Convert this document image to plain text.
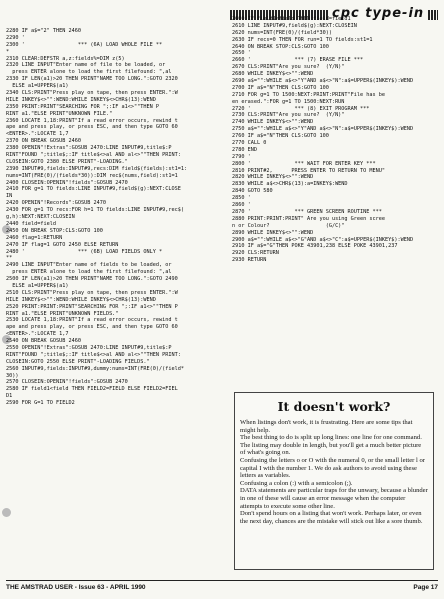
cpc type-in
2280 IF a$="2" THEN 2460
2290 '
2300 '                 *** (6A) LOAD WHOLE FILE **
*
2310 CLEAR:DEFSTR a,z:fields%=DIM z(5)
2320 LINE INPUT"Enter name of file to be loaded, or
press ENTER alone to load the first filefound: ",al
2330 IF LEN(a1)>20 THEN PRINT"NAME TOO LONG.":GOTO 2320
ELSE a1=UPPER$(a1)
2340 CLS:PRINT"Press play on tape, then press ENTER.":W
HILE INKEY$<>"":WEND:WHILE INKEY$<>CHR$(13):WEND
2350 PRINT:PRINT"SEARCHING FOR ";:IF a1<>""THEN P
RINT a1."ELSE PRINT"UNKNOWN FILE."
2360 LOCATE 1,18:PRINT"If a read error occurs, rewind t
ape and press play, or press ESC, and then type GOTO 60
<ENTER>.":LOCATE 1,7
2370 ON BREAK GOSUB 2460
2380 OPENIN"!Extras":GOSUB 2470:LINE INPUT#9,title$:P
RINT"FOUND ";title$;:IF title$<>al AND al<>""THEN PRINT:
CLOSEIN:GOTO 2380 ELSE PRINT"-LOADING."
2390 INPUT#9,fields:INPUT#9,recs:DIM field$(fields):st1=1:
nums=INT(FRE(0)/(fields*30)):DIM rec$(nums,field):st1=1
2400 CLOSEIN:OPENIN"!fields":GOSUB 2470
2410 FOR g=1 TO fields:LINE INPUT#9,field$(g):NEXT:CLOSE
IN
2420 OPENIN"!Records":GOSUB 2470
2430 FOR g=1 TO recs:FOR h=1 TO fields:LINE INPUT#9,rec$(
g,h):NEXT:NEXT:CLOSEIN
2440 field=field
2450 ON BREAK STOP:CLS:GOTO 100
2460 flag=1:RETURN
2470 IF flag=1 GOTO 2450 ELSE RETURN
2480 '                 *** (6B) LOAD FIELDS ONLY *
**
2490 LINE INPUT"Enter name of fields to be loaded, or
press ENTER alone to load the first filefound: ",al
2500 IF LEN(a1)>20 THEN PRINT"NAME TOO LONG.":GOTO 2490
ELSE a1=UPPER$(a1)
2510 CLS:PRINT"Press play on tape, then press ENTER.":W
HILE INKEY$<>"":WEND:WHILE INKEY$<>CHR$(13):WEND
2520 PRINT:PRINT:PRINT"SEARCHING FOR ";:IF a1<>""THEN P
RINT a1."ELSE PRINT"UNKNOWN FIELDS."
2530 LOCATE 1,18:PRINT"If a read error occurs, rewind t
ape and press play, or press ESC, and then type GOTO 60
<ENTER>.":LOCATE 1,7
2540 ON BREAK GOSUB 2460
2550 OPENIN"!Extras":GOSUB 2470:LINE INPUT#9,title$:P
RINT"FOUND ";title$;:IF title$<>al AND al<>""THEN PRINT:
CLOSEIN:GOTO 2550 ELSE PRINT"-LOADING FIELDS."
2560 INPUT#9,fields:INPUT#9,dummy:nums=INT(FRE(0)/(field*
30))
2570 CLOSEIN:OPENIN"!fields":GOSUB 2470
2580 IF field1<field THEN FIELD2=FIELD ELSE FIELD2=FIEL
D1
2590 FOR G=1 TO FIELD2
2600 IF field1<field THEN field=field1
2610 LINE INPUT#9,field$(g):NEXT:CLOSEIN
2620 nums=INT(FRE(0)/(field*30))
2630 IF recs=0 THEN FOR run=1 TO fields:st1=1
2640 ON BREAK STOP:CLS:GOTO 100
2650 '
2660 '              *** (7) ERASE FILE ***
2670 CLS:PRINT"Are you sure?  (Y/N)"
2680 WHILE INKEY$<>"":WEND
2690 a$="":WHILE a$<>"Y"AND a$<>"N":a$=UPPER$(INKEY$):WEND
2700 IF a$="N"THEN CLS:GOTO 100
2710 FOR g=1 TO 1500:NEXT:PRINT:PRINT"File has be
en erased.":FOR g=1 TO 1500:NEXT:RUN
2720 '              *** (8) EXIT PROGRAM ***
2730 CLS:PRINT"Are you sure?  (Y/N)"
2740 WHILE INKEY$<>"":WEND
2750 a$="":WHILE a$<>"Y"AND a$<>"N":a$=UPPER$(INKEY$):WEND
2760 IF a$="N"THEN CLS:GOTO 100
2770 CALL 0
2780 END
2790 '
2800 '              *** WAIT FOR ENTER KEY ***
2810 PRINT#2,      PRESS ENTER TO RETURN TO MENU"
2820 WHILE INKEY$<>"":WEND
2830 WHILE a$<>CHR$(13):a=INKEY$:WEND
2840 GOTO 580
2850 '
2860 '
2870 '              *** GREEN SCREEN ROUTINE ***
2880 PRINT:PRINT:PRINT" Are you using Green scree
n or Colour?                  (G/C)"
2890 WHILE INKEY$<>"":WEND
2900 a$="":WHILE a$<>"G"AND a$<>"C":a$=UPPER$(INKEY$):WEND
2910 IF a$="G"THEN POKE 43901,238 ELSE POKE 43901,237
2920 CLS:RETURN
2930 RETURN
It doesn't work?

When listings don't work, it is frustrating. Here are some tips that might help.

The best thing to do is split up long lines: one line for one command. The listing may double in length, but you'll get a much better picture of what's going on.

Confusing the letters o or O with the numeral 0, or the small letter l or capital I with the number 1. We do ask authors to avoid using these letters as variables.

Confusing a colon (:) with a semicolon (;).

DATA statements are particular traps for the unwary, because a blunder in one of these will cause an error message when the computer attempts to execute some other line.

Don't spend hours on a listing that won't work. Perhaps later, or even the next day, chances are the mistake will stick out like a sore thumb.

THE AMSTRAD USER - Issue 63 - APRIL 1990	Page 17
